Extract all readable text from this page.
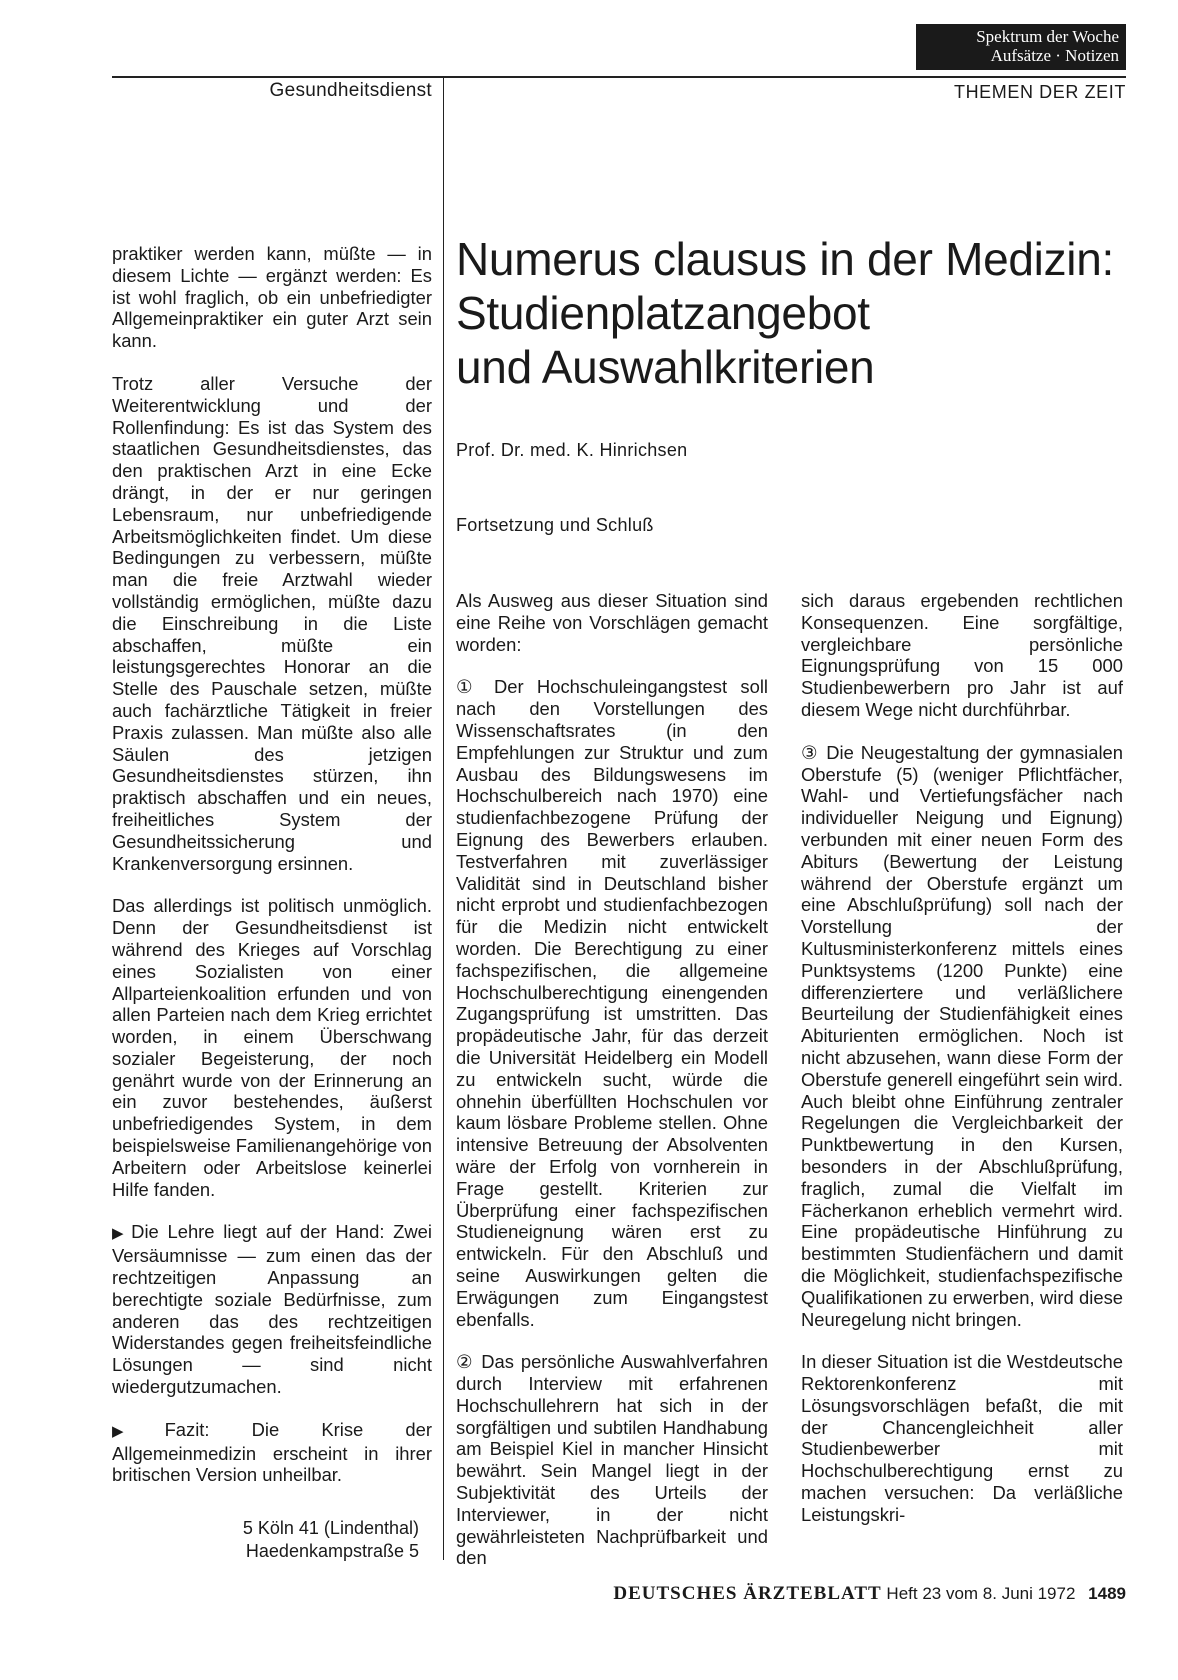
Spektrum der Woche
Aufsätze · Notizen
Gesundheitsdienst	THEMEN DER ZEIT

praktiker werden kann, müßte — in diesem Lichte — ergänzt werden: Es ist wohl fraglich, ob ein unbefriedigter Allgemeinpraktiker ein guter Arzt sein kann.

Trotz aller Versuche der Weiterentwicklung und der Rollenfindung: Es ist das System des staatlichen Gesundheitsdienstes, das den praktischen Arzt in eine Ecke drängt, in der er nur geringen Lebensraum, nur unbefriedigende Arbeitsmöglichkeiten findet. Um diese Bedingungen zu verbessern, müßte man die freie Arztwahl wieder vollständig ermöglichen, müßte dazu die Einschreibung in die Liste abschaffen, müßte ein leistungsgerechtes Honorar an die Stelle des Pauschale setzen, müßte auch fachärztliche Tätigkeit in freier Praxis zulassen. Man müßte also alle Säulen des jetzigen Gesundheitsdienstes stürzen, ihn praktisch abschaffen und ein neues, freiheitliches System der Gesundheitssicherung und Krankenversorgung ersinnen.

Das allerdings ist politisch unmöglich. Denn der Gesundheitsdienst ist während des Krieges auf Vorschlag eines Sozialisten von einer Allparteienkoalition erfunden und von allen Parteien nach dem Krieg errichtet worden, in einem Überschwang sozialer Begeisterung, der noch genährt wurde von der Erinnerung an ein zuvor bestehendes, äußerst unbefriedigendes System, in dem beispielsweise Familienangehörige von Arbeitern oder Arbeitslose keinerlei Hilfe fanden.

▶ Die Lehre liegt auf der Hand: Zwei Versäumnisse — zum einen das der rechtzeitigen Anpassung an berechtigte soziale Bedürfnisse, zum anderen das des rechtzeitigen Widerstandes gegen freiheitsfeindliche Lösungen — sind nicht wiedergutzumachen.

▶ Fazit: Die Krise der Allgemeinmedizin erscheint in ihrer britischen Version unheilbar.

5 Köln 41 (Lindenthal)
Haedenkampstraße 5
Numerus clausus in der Medizin:
Studienplatzangebot
und Auswahlkriterien
Prof. Dr. med. K. Hinrichsen
Fortsetzung und Schluß

Als Ausweg aus dieser Situation sind eine Reihe von Vorschlägen gemacht worden:

① Der Hochschuleingangstest soll nach den Vorstellungen des Wissenschaftsrates (in den Empfehlungen zur Struktur und zum Ausbau des Bildungswesens im Hochschulbereich nach 1970) eine studienfachbezogene Prüfung der Eignung des Bewerbers erlauben. Testverfahren mit zuverlässiger Validität sind in Deutschland bisher nicht erprobt und studienfachbezogen für die Medizin nicht entwickelt worden. Die Berechtigung zu einer fachspezifischen, die allgemeine Hochschulberechtigung einengenden Zugangsprüfung ist umstritten. Das propädeutische Jahr, für das derzeit die Universität Heidelberg ein Modell zu entwickeln sucht, würde die ohnehin überfüllten Hochschulen vor kaum lösbare Probleme stellen. Ohne intensive Betreuung der Absolventen wäre der Erfolg von vornherein in Frage gestellt. Kriterien zur Überprüfung einer fachspezifischen Studieneignung wären erst zu entwickeln. Für den Abschluß und seine Auswirkungen gelten die Erwägungen zum Eingangstest ebenfalls.

② Das persönliche Auswahlverfahren durch Interview mit erfahrenen Hochschullehrern hat sich in der sorgfältigen und subtilen Handhabung am Beispiel Kiel in mancher Hinsicht bewährt. Sein Mangel liegt in der Subjektivität des Urteils der Interviewer, in der nicht gewährleisteten Nachprüfbarkeit und den

sich daraus ergebenden rechtlichen Konsequenzen. Eine sorgfältige, vergleichbare persönliche Eignungsprüfung von 15 000 Studienbewerbern pro Jahr ist auf diesem Wege nicht durchführbar.

③ Die Neugestaltung der gymnasialen Oberstufe (5) (weniger Pflichtfächer, Wahl- und Vertiefungsfächer nach individueller Neigung und Eignung) verbunden mit einer neuen Form des Abiturs (Bewertung der Leistung während der Oberstufe ergänzt um eine Abschlußprüfung) soll nach der Vorstellung der Kultusministerkonferenz mittels eines Punktsystems (1200 Punkte) eine differenziertere und verläßlichere Beurteilung der Studienfähigkeit eines Abiturienten ermöglichen. Noch ist nicht abzusehen, wann diese Form der Oberstufe generell eingeführt sein wird. Auch bleibt ohne Einführung zentraler Regelungen die Vergleichbarkeit der Punktbewertung in den Kursen, besonders in der Abschlußprüfung, fraglich, zumal die Vielfalt im Fächerkanon erheblich vermehrt wird. Eine propädeutische Hinführung zu bestimmten Studienfächern und damit die Möglichkeit, studienfachspezifische Qualifikationen zu erwerben, wird diese Neuregelung nicht bringen.

In dieser Situation ist die Westdeutsche Rektorenkonferenz mit Lösungsvorschlägen befaßt, die mit der Chancengleichheit aller Studienbewerber mit Hochschulberechtigung ernst zu machen versuchen: Da verläßliche Leistungskri-

DEUTSCHES ÄRZTEBLATT Heft 23 vom 8. Juni 1972 1489
